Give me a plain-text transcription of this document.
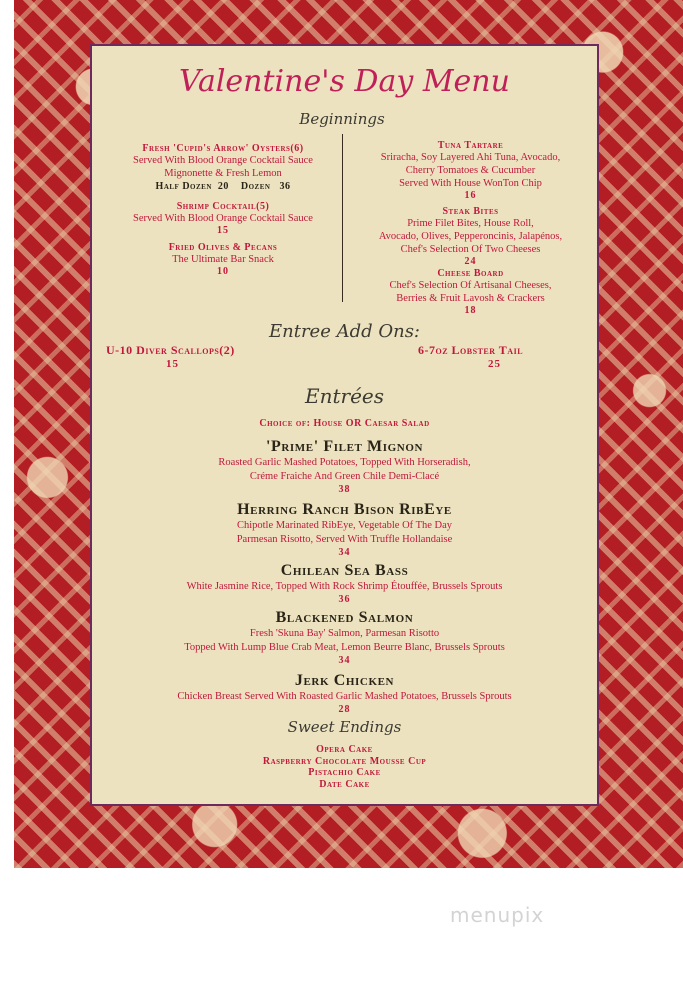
Valentine's Day Menu
Beginnings
Fresh 'Cupid's Arrow' Oysters(6)
Served With Blood Orange Cocktail Sauce
Mignonette & Fresh Lemon
Half Dozen  20    Dozen   36
Shrimp Cocktail(5)
Served With Blood Orange Cocktail Sauce
15
Fried Olives & Pecans
The Ultimate Bar Snack
10
Tuna Tartare
Sriracha, Soy Layered Ahi Tuna, Avocado,
Cherry Tomatoes & Cucumber
Served With House WonTon Chip
16
Steak Bites
Prime Filet Bites, House Roll,
Avocado, Olives, Pepperoncinis, Jalapénos,
Chef's Selection Of Two Cheeses
24
Cheese Board
Chef's Selection Of Artisanal Cheeses,
Berries & Fruit Lavosh & Crackers
18
Entree Add Ons:
U-10 Diver Scallops(2)
15
6-7oz Lobster Tail
25
Entrées
Choice of: House OR Caesar Salad
'Prime' Filet Mignon
Roasted Garlic Mashed Potatoes, Topped With Horseradish,
Créme Fraiche And Green Chile Demi-Clacé
38
Herring Ranch Bison RibEye
Chipotle Marinated RibEye, Vegetable Of The Day
Parmesan Risotto, Served With Truffle Hollandaise
34
Chilean Sea Bass
White Jasmine Rice, Topped With Rock Shrimp Étouffée, Brussels Sprouts
36
Blackened Salmon
Fresh 'Skuna Bay' Salmon, Parmesan Risotto
Topped With Lump Blue Crab Meat, Lemon Beurre Blanc, Brussels Sprouts
34
Jerk Chicken
Chicken Breast Served With Roasted Garlic Mashed Potatoes, Brussels Sprouts
28
Sweet Endings
Opera Cake
Raspberry Chocolate Mousse Cup
Pistachio Cake
Date Cake
menupix
